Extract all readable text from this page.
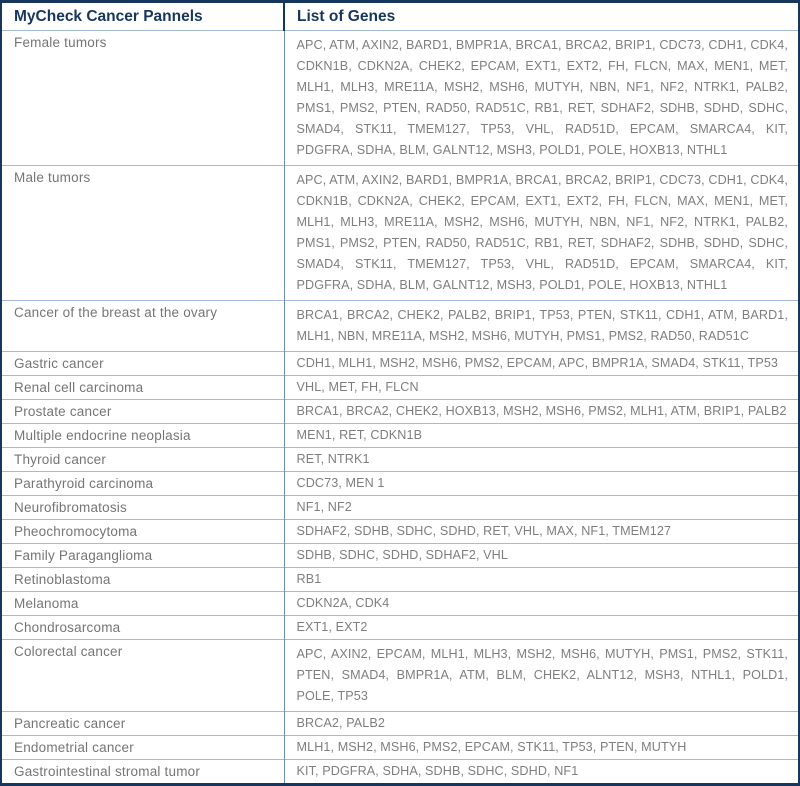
MyCheck Cancer Pannels	List of Genes
Female tumors	APC, ATM, AXIN2, BARD1, BMPR1A, BRCA1, BRCA2, BRIP1, CDC73, CDH1, CDK4, CDKN1B, CDKN2A, CHEK2, EPCAM, EXT1, EXT2, FH, FLCN, MAX, MEN1, MET, MLH1, MLH3, MRE11A, MSH2, MSH6, MUTYH, NBN, NF1, NF2, NTRK1, PALB2, PMS1, PMS2, PTEN, RAD50, RAD51C, RB1, RET, SDHAF2, SDHB, SDHD, SDHC, SMAD4, STK11, TMEM127, TP53, VHL, RAD51D, EPCAM, SMARCA4, KIT, PDGFRA, SDHA, BLM, GALNT12, MSH3, POLD1, POLE, HOXB13, NTHL1
Male tumors	APC, ATM, AXIN2, BARD1, BMPR1A, BRCA1, BRCA2, BRIP1, CDC73, CDH1, CDK4, CDKN1B, CDKN2A, CHEK2, EPCAM, EXT1, EXT2, FH, FLCN, MAX, MEN1, MET, MLH1, MLH3, MRE11A, MSH2, MSH6, MUTYH, NBN, NF1, NF2, NTRK1, PALB2, PMS1, PMS2, PTEN, RAD50, RAD51C, RB1, RET, SDHAF2, SDHB, SDHD, SDHC, SMAD4, STK11, TMEM127, TP53, VHL, RAD51D, EPCAM, SMARCA4, KIT, PDGFRA, SDHA, BLM, GALNT12, MSH3, POLD1, POLE, HOXB13, NTHL1
Cancer of the breast at the ovary	BRCA1, BRCA2, CHEK2, PALB2, BRIP1, TP53, PTEN, STK11, CDH1, ATM, BARD1, MLH1, NBN, MRE11A, MSH2, MSH6, MUTYH, PMS1, PMS2, RAD50, RAD51C
Gastric cancer	CDH1, MLH1, MSH2, MSH6, PMS2, EPCAM, APC, BMPR1A, SMAD4, STK11, TP53
Renal cell carcinoma	VHL, MET, FH, FLCN
Prostate cancer	BRCA1, BRCA2, CHEK2, HOXB13, MSH2, MSH6, PMS2, MLH1, ATM, BRIP1, PALB2
Multiple endocrine neoplasia	MEN1, RET, CDKN1B
Thyroid cancer	RET, NTRK1
Parathyroid carcinoma	CDC73, MEN 1
Neurofibromatosis	NF1, NF2
Pheochromocytoma	SDHAF2, SDHB, SDHC, SDHD, RET, VHL, MAX, NF1, TMEM127
Family Paraganglioma	SDHB, SDHC, SDHD, SDHAF2, VHL
Retinoblastoma	RB1
Melanoma	CDKN2A, CDK4
Chondrosarcoma	EXT1, EXT2
Colorectal cancer	APC, AXIN2, EPCAM, MLH1, MLH3, MSH2, MSH6, MUTYH, PMS1, PMS2, STK11, PTEN, SMAD4, BMPR1A, ATM, BLM, CHEK2, ALNT12, MSH3, NTHL1, POLD1, POLE, TP53
Pancreatic cancer	BRCA2, PALB2
Endometrial cancer	MLH1, MSH2, MSH6, PMS2, EPCAM, STK11, TP53, PTEN, MUTYH
Gastrointestinal stromal tumor	KIT, PDGFRA, SDHA, SDHB, SDHC, SDHD, NF1
